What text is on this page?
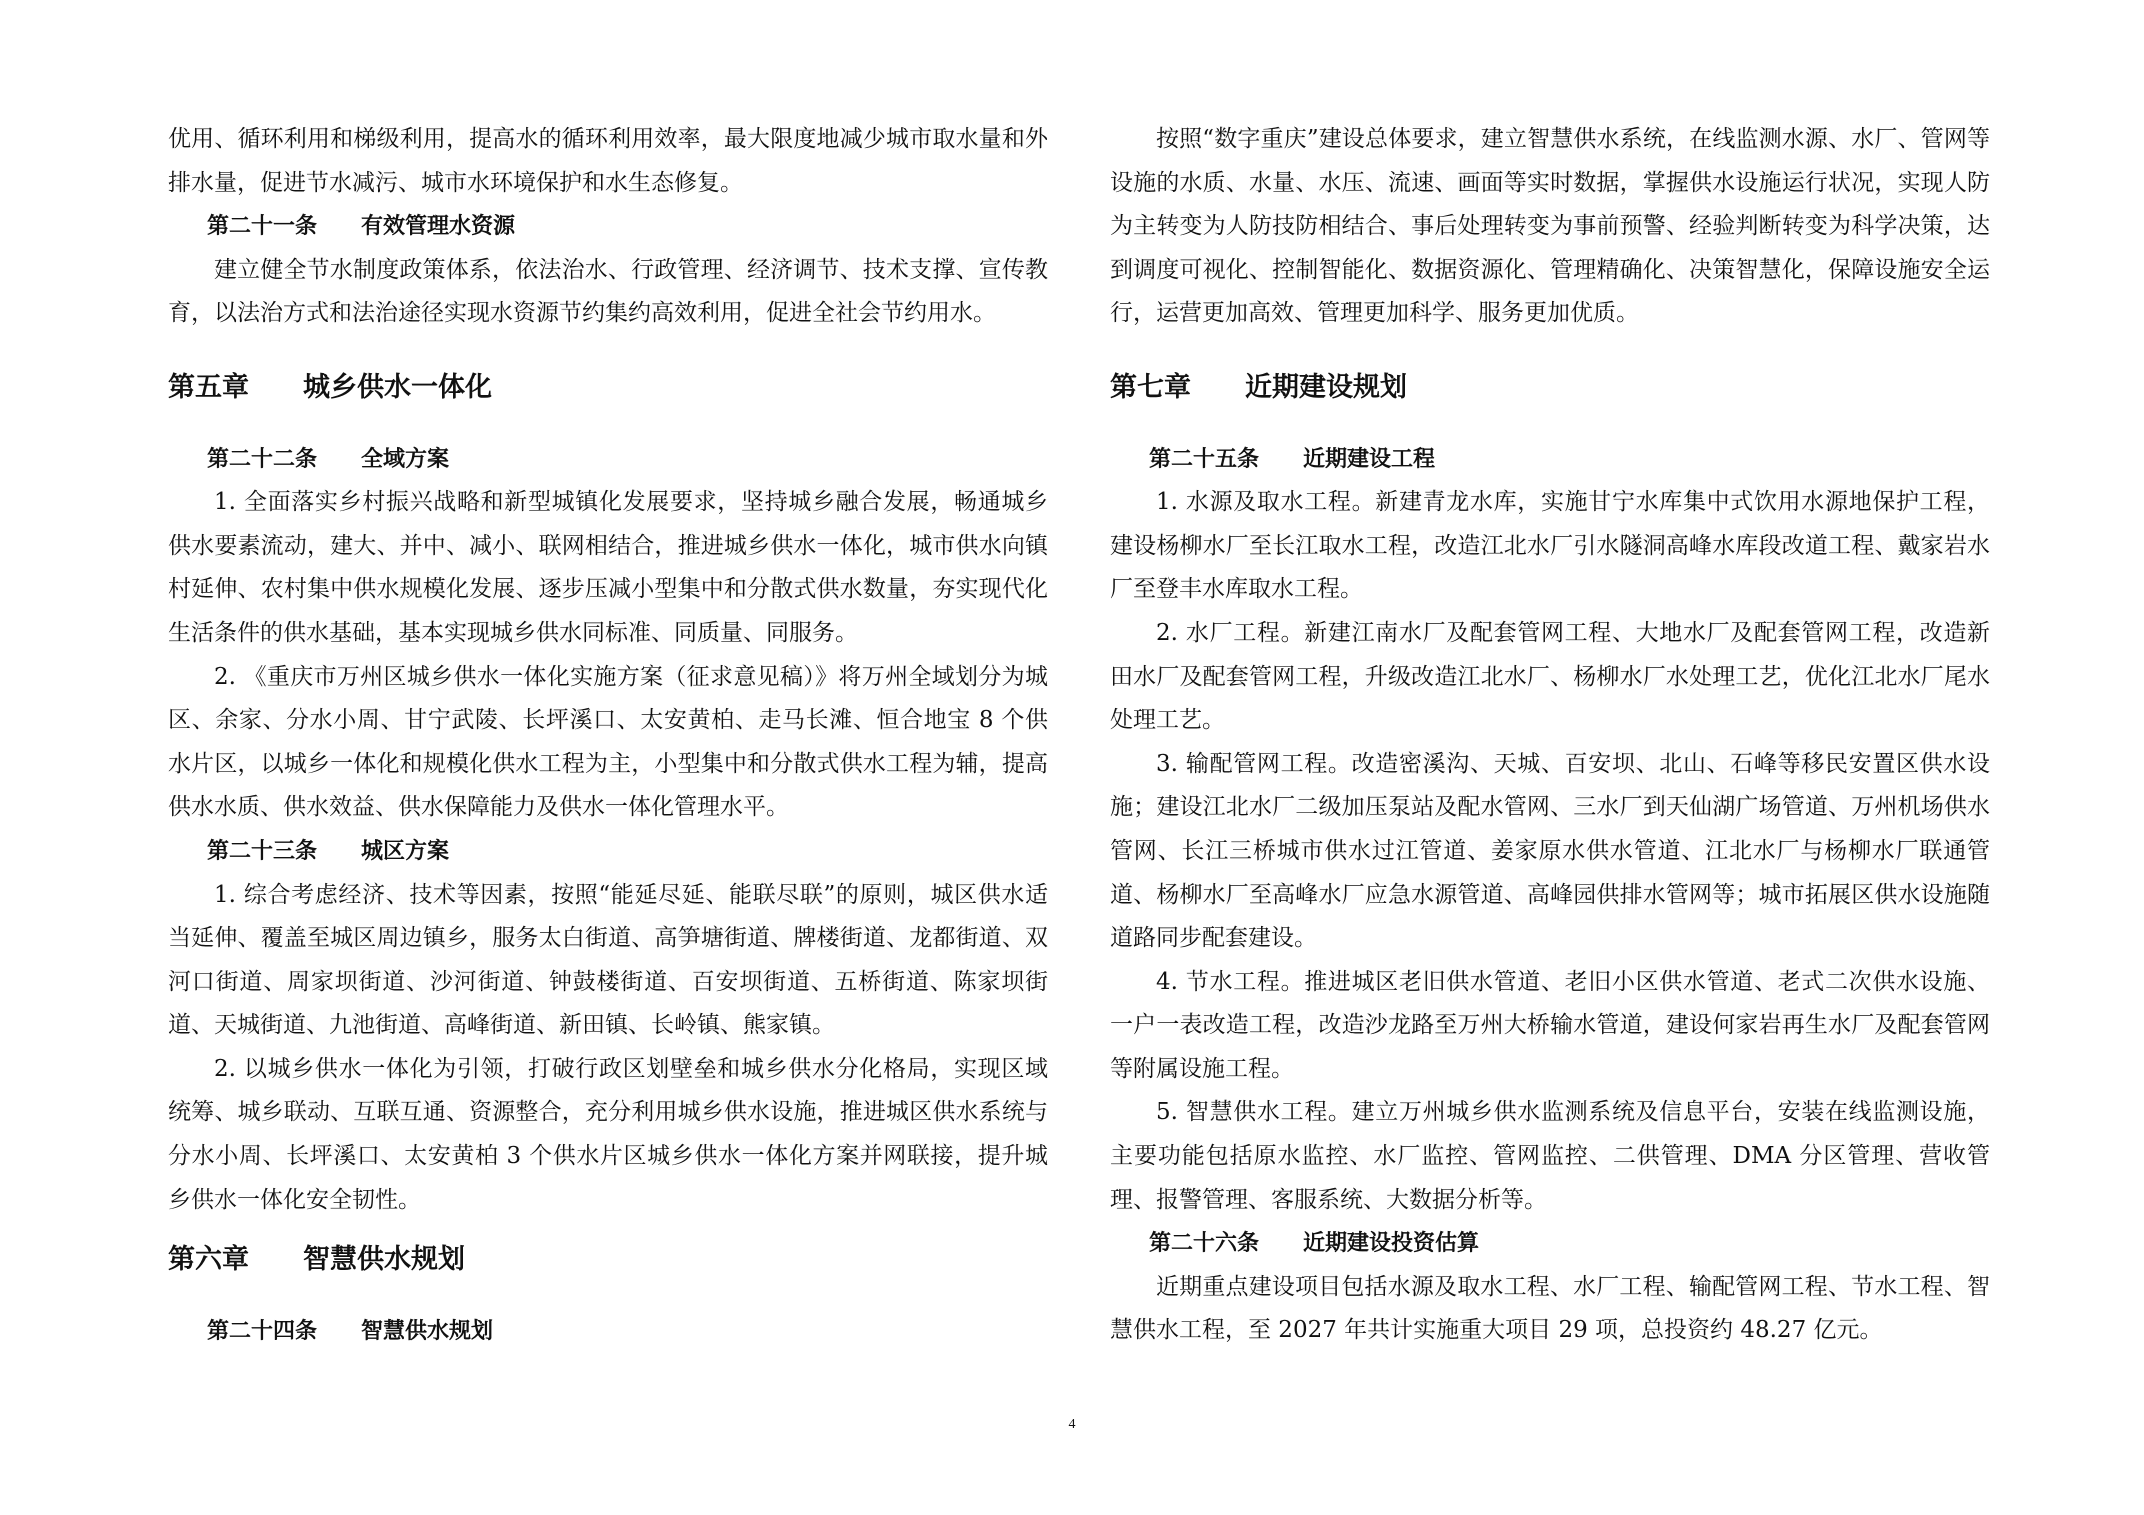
优用、循环利用和梯级利用，提高水的循环利用效率，最大限度地减少城市取水量和外排水量，促进节水减污、城市水环境保护和水生态修复。

第二十一条　　有效管理水资源

建立健全节水制度政策体系，依法治水、行政管理、经济调节、技术支撑、宣传教育，以法治方式和法治途径实现水资源节约集约高效利用，促进全社会节约用水。

第五章　　城乡供水一体化

第二十二条　　全域方案

1. 全面落实乡村振兴战略和新型城镇化发展要求，坚持城乡融合发展，畅通城乡供水要素流动，建大、并中、减小、联网相结合，推进城乡供水一体化，城市供水向镇村延伸、农村集中供水规模化发展、逐步压减小型集中和分散式供水数量，夯实现代化生活条件的供水基础，基本实现城乡供水同标准、同质量、同服务。

2. 《重庆市万州区城乡供水一体化实施方案（征求意见稿）》将万州全域划分为城区、余家、分水小周、甘宁武陵、长坪溪口、太安黄柏、走马长滩、恒合地宝 8 个供水片区，以城乡一体化和规模化供水工程为主，小型集中和分散式供水工程为辅，提高供水水质、供水效益、供水保障能力及供水一体化管理水平。

第二十三条　　城区方案

1. 综合考虑经济、技术等因素，按照“能延尽延、能联尽联”的原则，城区供水适当延伸、覆盖至城区周边镇乡，服务太白街道、高笋塘街道、牌楼街道、龙都街道、双河口街道、周家坝街道、沙河街道、钟鼓楼街道、百安坝街道、五桥街道、陈家坝街道、天城街道、九池街道、高峰街道、新田镇、长岭镇、熊家镇。

2. 以城乡供水一体化为引领，打破行政区划壁垒和城乡供水分化格局，实现区域统筹、城乡联动、互联互通、资源整合，充分利用城乡供水设施，推进城区供水系统与分水小周、长坪溪口、太安黄柏 3 个供水片区城乡供水一体化方案并网联接，提升城乡供水一体化安全韧性。

第六章　　智慧供水规划

第二十四条　　智慧供水规划

按照“数字重庆”建设总体要求，建立智慧供水系统，在线监测水源、水厂、管网等设施的水质、水量、水压、流速、画面等实时数据，掌握供水设施运行状况，实现人防为主转变为人防技防相结合、事后处理转变为事前预警、经验判断转变为科学决策，达到调度可视化、控制智能化、数据资源化、管理精确化、决策智慧化，保障设施安全运行，运营更加高效、管理更加科学、服务更加优质。

第七章　　近期建设规划

第二十五条　　近期建设工程

1. 水源及取水工程。新建青龙水库，实施甘宁水库集中式饮用水源地保护工程，建设杨柳水厂至长江取水工程，改造江北水厂引水隧洞高峰水库段改道工程、戴家岩水厂至登丰水库取水工程。

2. 水厂工程。新建江南水厂及配套管网工程、大地水厂及配套管网工程，改造新田水厂及配套管网工程，升级改造江北水厂、杨柳水厂水处理工艺，优化江北水厂尾水处理工艺。

3. 输配管网工程。改造密溪沟、天城、百安坝、北山、石峰等移民安置区供水设施；建设江北水厂二级加压泵站及配水管网、三水厂到天仙湖广场管道、万州机场供水管网、长江三桥城市供水过江管道、姜家原水供水管道、江北水厂与杨柳水厂联通管道、杨柳水厂至高峰水厂应急水源管道、高峰园供排水管网等；城市拓展区供水设施随道路同步配套建设。

4. 节水工程。推进城区老旧供水管道、老旧小区供水管道、老式二次供水设施、一户一表改造工程，改造沙龙路至万州大桥输水管道，建设何家岩再生水厂及配套管网等附属设施工程。

5. 智慧供水工程。建立万州城乡供水监测系统及信息平台，安装在线监测设施，主要功能包括原水监控、水厂监控、管网监控、二供管理、DMA 分区管理、营收管理、报警管理、客服系统、大数据分析等。

第二十六条　　近期建设投资估算

近期重点建设项目包括水源及取水工程、水厂工程、输配管网工程、节水工程、智慧供水工程，至 2027 年共计实施重大项目 29 项，总投资约 48.27 亿元。

4
